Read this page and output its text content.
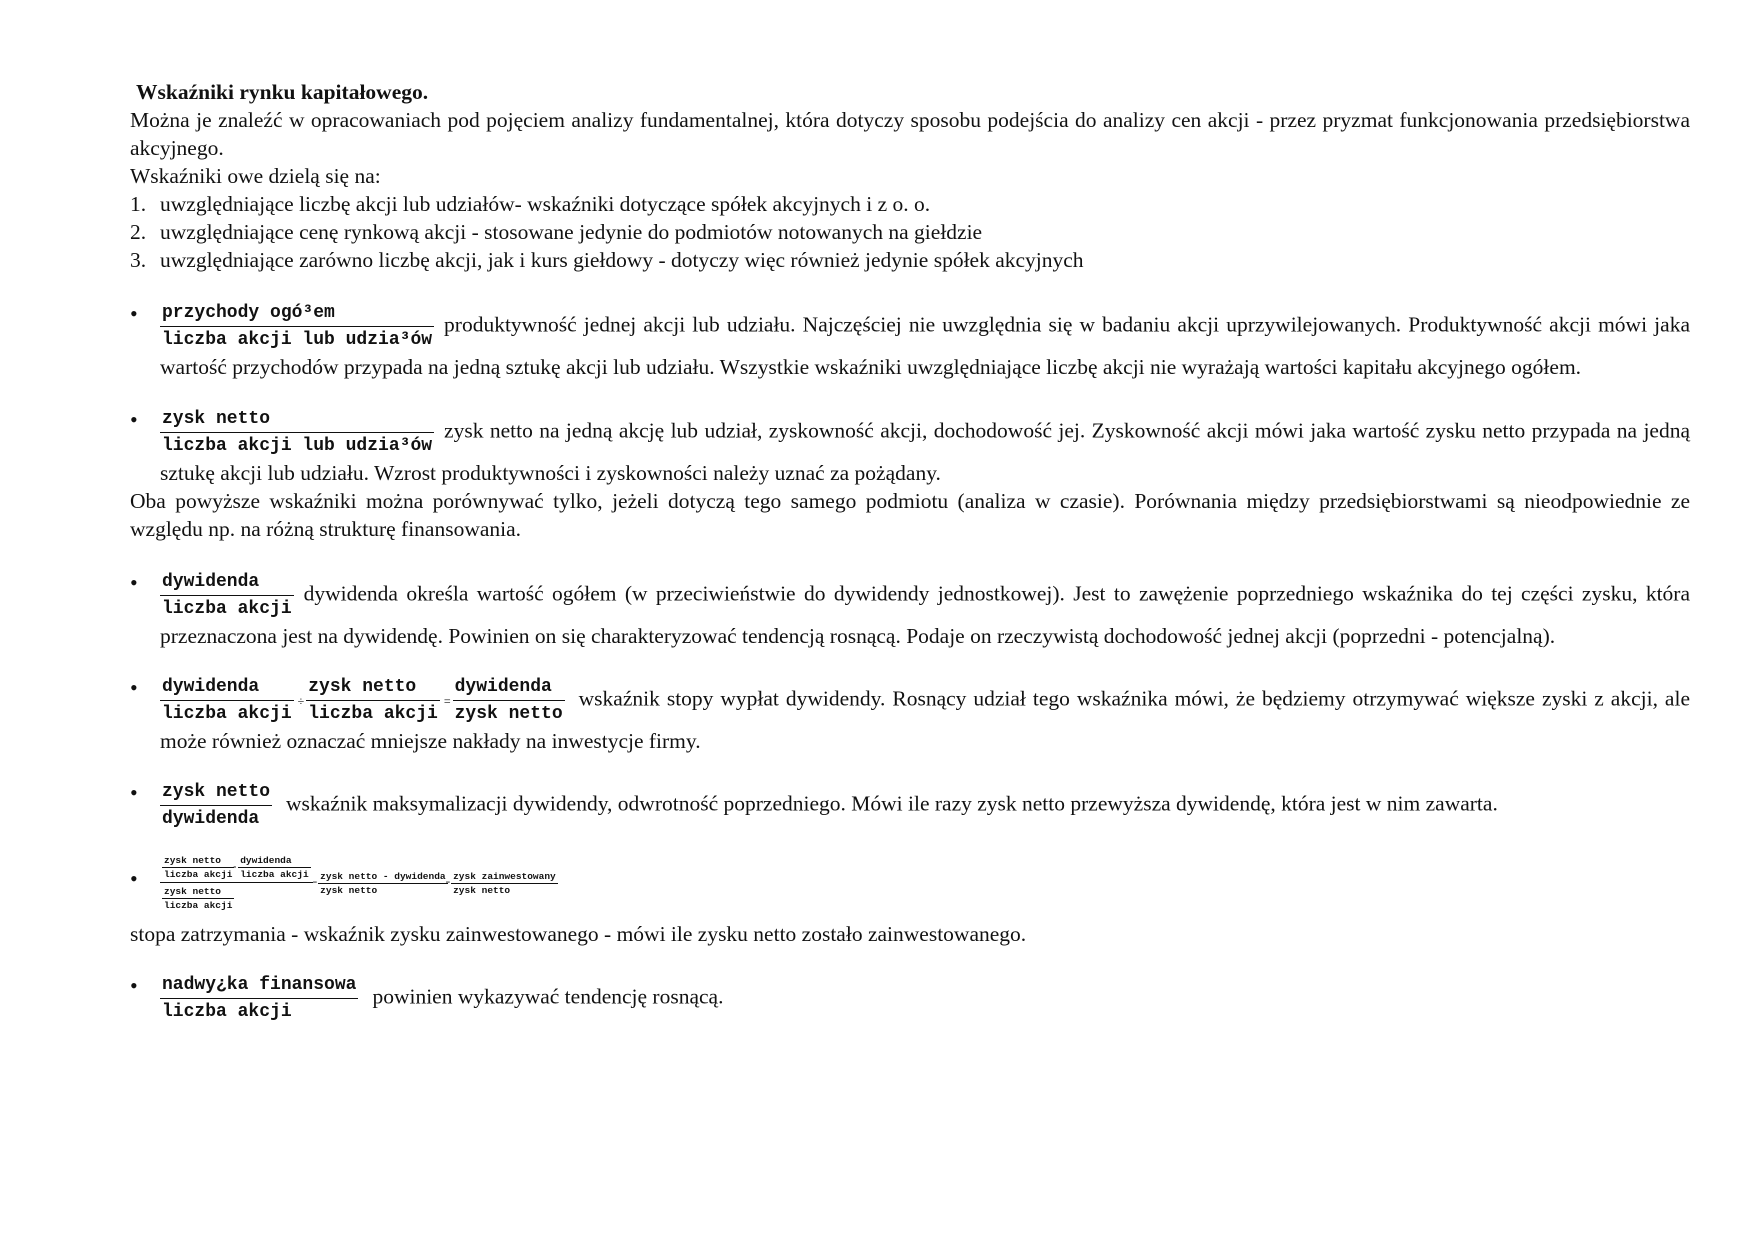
Wskaźniki rynku kapitałowego.
Można je znaleźć w opracowaniach pod pojęciem analizy fundamentalnej, która dotyczy sposobu podejścia do analizy cen akcji - przez pryzmat funkcjonowania przedsiębiorstwa akcyjnego.
Wskaźniki owe dzielą się na:
1. uwzględniające liczbę akcji lub udziałów- wskaźniki dotyczące spółek akcyjnych i z o. o.
2. uwzględniające cenę rynkową akcji - stosowane jedynie do podmiotów notowanych na giełdzie
3. uwzględniające zarówno liczbę akcji, jak i kurs giełdowy - dotyczy więc również jedynie spółek akcyjnych
• $\frac{\text{przychody ogó³em}}{\text{liczba akcji lub udzia³ów}}$ produktywność jednej akcji lub udziału. Najczęściej nie uwzględnia się w badaniu akcji uprzywilejowanych. Produktywność akcji mówi jaka wartość przychodów przypada na jedną sztukę akcji lub udziału. Wszystkie wskaźniki uwzględniające liczbę akcji nie wyrażają wartości kapitału akcyjnego ogółem.
• $\frac{\text{zysk netto}}{\text{liczba akcji lub udzia³ów}}$ zysk netto na jedną akcję lub udział, zyskowność akcji, dochodowość jej. Zyskowność akcji mówi jaka wartość zysku netto przypada na jedną sztukę akcji lub udziału. Wzrost produktywności i zyskowności należy uznać za pożądany.
Oba powyższe wskaźniki można porównywać tylko, jeżeli dotyczą tego samego podmiotu (analiza w czasie). Porównania między przedsiębiorstwami są nieodpowiednie ze względu np. na różną strukturę finansowania.
• $\frac{\text{dywidenda}}{\text{liczba akcji}}$ dywidenda określa wartość ogółem (w przeciwieństwie do dywidendy jednostkowej). Jest to zawężenie poprzedniego wskaźnika do tej części zysku, która przeznaczona jest na dywidendę. Powinien on się charakteryzować tendencją rosnącą. Podaje on rzeczywistą dochodowość jednej akcji (poprzedni - potencjalną).
• $\frac{\text{dywidenda}}{\text{liczba akcji}} \div \frac{\text{zysk netto}}{\text{liczba akcji}} = \frac{\text{dywidenda}}{\text{zysk netto}}$ wskaźnik stopy wypłat dywidendy. Rosnący udział tego wskaźnika mówi, że będziemy otrzymywać większe zyski z akcji, ale może również oznaczać mniejsze nakłady na inwestycje firmy.
• $\frac{\text{zysk netto}}{\text{dywidenda}}$ wskaźnik maksymalizacji dywidendy, odwrotność poprzedniego. Mówi ile razy zysk netto przewyższa dywidendę, która jest w nim zawarta.
•	$\frac{\text{zysk netto}}{\text{liczba akcji}}$
- $\frac{\text{dywidenda}}{\text{liczba akcji}}$
$\frac{\text{zysk netto}}{\text{liczba akcji}}$
= $\frac{\text{zysk netto - dywidenda}}{\text{zysk netto}}$
= $\frac{\text{zysk zainwestowany}}{\text{zysk netto}}$
stopa zatrzymania - wskaźnik zysku zainwestowanego - mówi ile zysku netto zostało zainwestowanego.
• $\frac{\text{nadwy¿ka finansowa}}{\text{liczba akcji}}$ powinien wykazywać tendencję rosnącą.
